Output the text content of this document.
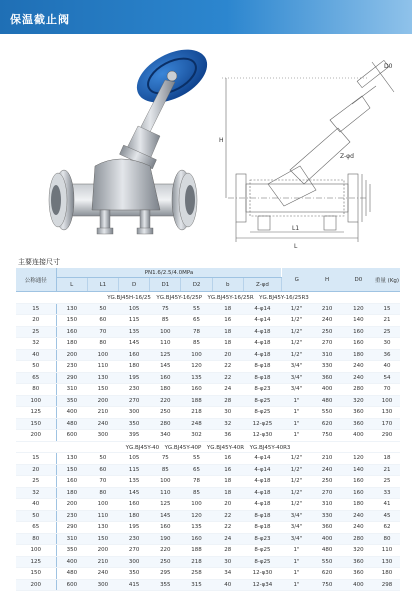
保温截止阀
H
D0
L
L1
Z-φd
主要连接尺寸
公称通径	PN1.6/2.5/4.0MPa							G	H	D0	重量 (Kg)
	L	L1	D	D1	D2	b	Z-φd				
YG.BJ45H-16/25　YG.BJ45Y-16/25P　YG.BJ45Y-16/25R　YG.BJ45Y-16/25R3											
15	130	50	105	75	55	18	4-φ14	1/2"	210	120	15
20	150	60	115	85	65	16	4-φ14	1/2"	240	140	21
25	160	70	135	100	78	18	4-φ18	1/2"	250	160	25
32	180	80	145	110	85	18	4-φ18	1/2"	270	160	30
40	200	100	160	125	100	20	4-φ18	1/2"	310	180	36
50	230	110	180	145	120	22	8-φ18	3/4"	330	240	40
65	290	130	195	160	135	22	8-φ18	3/4"	360	240	54
80	310	150	230	180	160	24	8-φ23	3/4"	400	280	70
100	350	200	270	220	188	28	8-φ25	1"	480	320	100
125	400	210	300	250	218	30	8-φ25	1"	550	360	130
150	480	240	350	280	248	32	12-φ25	1"	620	360	170
200	600	300	395	340	302	36	12-φ30	1"	750	400	290
YG.BJ45Y-40　YG.BJ45Y-40P　YG.BJ45Y-40R　YG.BJ45Y-40R3											
15	130	50	105	75	55	16	4-φ14	1/2"	210	120	18
20	150	60	115	85	65	16	4-φ14	1/2"	240	140	21
25	160	70	135	100	78	18	4-φ18	1/2"	250	160	25
32	180	80	145	110	85	18	4-φ18	1/2"	270	160	33
40	200	100	160	125	100	20	4-φ18	1/2"	310	180	41
50	230	110	180	145	120	22	8-φ18	3/4"	330	240	45
65	290	130	195	160	135	22	8-φ18	3/4"	360	240	62
80	310	150	230	190	160	24	8-φ23	3/4"	400	280	80
100	350	200	270	220	188	28	8-φ25	1"	480	320	110
125	400	210	300	250	218	30	8-φ25	1"	550	360	130
150	480	240	350	295	258	34	12-φ30	1"	620	360	180
200	600	300	415	355	315	40	12-φ34	1"	750	400	298
